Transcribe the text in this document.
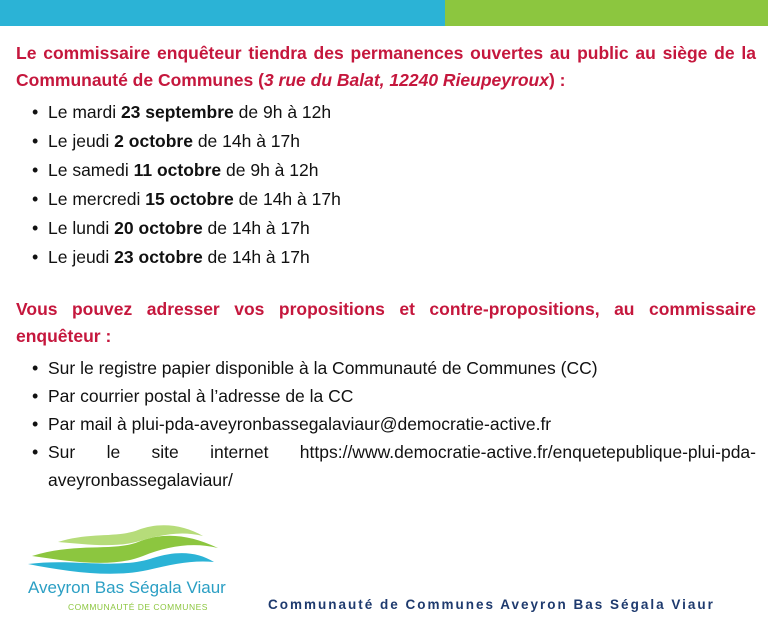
Le commissaire enquêteur tiendra des permanences ouvertes au public au siège de la Communauté de Communes (3 rue du Balat, 12240 Rieupeyroux) :

• Le mardi 23 septembre de 9h à 12h
• Le jeudi 2 octobre de 14h à 17h
• Le samedi 11 octobre de 9h à 12h
• Le mercredi 15 octobre de 14h à 17h
• Le lundi 20 octobre de 14h à 17h
• Le jeudi 23 octobre de 14h à 17h

Vous pouvez adresser vos propositions et contre-propositions, au commissaire enquêteur :

• Sur le registre papier disponible à la Communauté de Communes (CC)
• Par courrier postal à l’adresse de la CC
• Par mail à plui-pda-aveyronbassegalaviaur@democratie-active.fr
• Sur le site internet https://www.democratie-active.fr/enquetepublique-plui-pda-aveyronbassegalaviaur/
Aveyron Bas Ségala Viaur
COMMUNAUTÉ DE COMMUNES	Communauté de Communes Aveyron Bas Ségala Viaur
